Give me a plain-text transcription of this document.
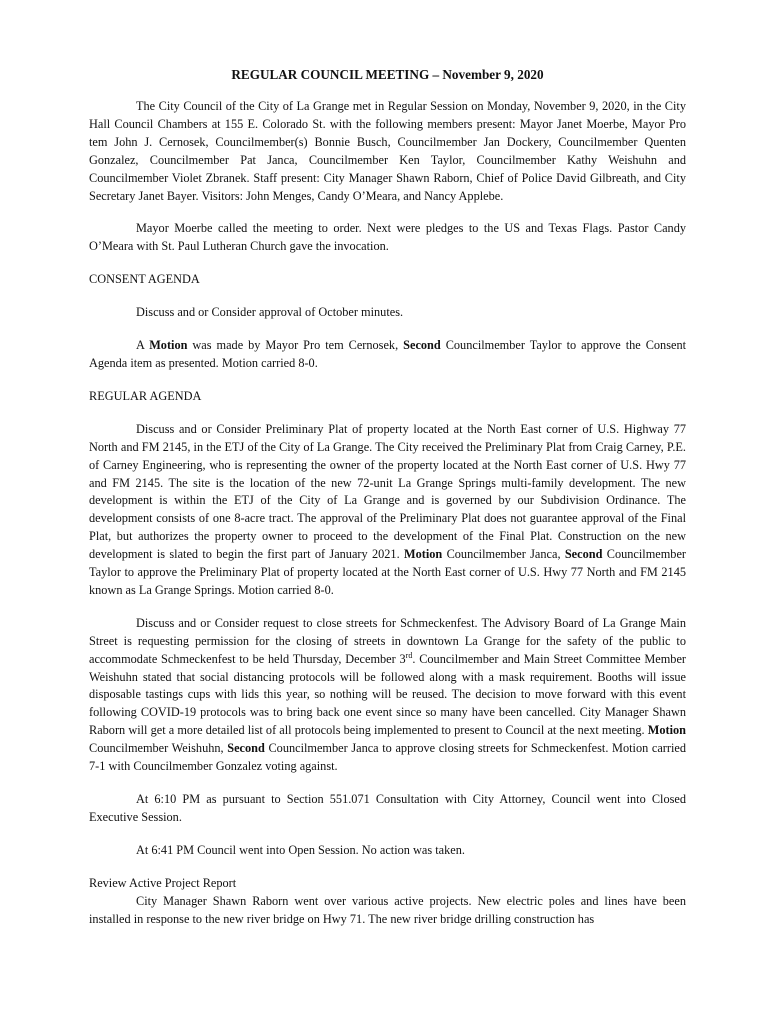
REGULAR COUNCIL MEETING – November 9, 2020

The City Council of the City of La Grange met in Regular Session on Monday, November 9, 2020, in the City Hall Council Chambers at 155 E. Colorado St. with the following members present: Mayor Janet Moerbe, Mayor Pro tem John J. Cernosek, Councilmember(s) Bonnie Busch, Councilmember Jan Dockery, Councilmember Quenten Gonzalez, Councilmember Pat Janca, Councilmember Ken Taylor, Councilmember Kathy Weishuhn and Councilmember Violet Zbranek. Staff present: City Manager Shawn Raborn, Chief of Police David Gilbreath, and City Secretary Janet Bayer. Visitors: John Menges, Candy O’Meara, and Nancy Applebe.

Mayor Moerbe called the meeting to order. Next were pledges to the US and Texas Flags. Pastor Candy O’Meara with St. Paul Lutheran Church gave the invocation.

CONSENT AGENDA

Discuss and or Consider approval of October minutes.

A Motion was made by Mayor Pro tem Cernosek, Second Councilmember Taylor to approve the Consent Agenda item as presented. Motion carried 8-0.

REGULAR AGENDA

Discuss and or Consider Preliminary Plat of property located at the North East corner of U.S. Highway 77 North and FM 2145, in the ETJ of the City of La Grange. The City received the Preliminary Plat from Craig Carney, P.E. of Carney Engineering, who is representing the owner of the property located at the North East corner of U.S. Hwy 77 and FM 2145. The site is the location of the new 72-unit La Grange Springs multi-family development. The new development is within the ETJ of the City of La Grange and is governed by our Subdivision Ordinance. The development consists of one 8-acre tract. The approval of the Preliminary Plat does not guarantee approval of the Final Plat, but authorizes the property owner to proceed to the development of the Final Plat. Construction on the new development is slated to begin the first part of January 2021. Motion Councilmember Janca, Second Councilmember Taylor to approve the Preliminary Plat of property located at the North East corner of U.S. Hwy 77 North and FM 2145 known as La Grange Springs. Motion carried 8-0.

Discuss and or Consider request to close streets for Schmeckenfest. The Advisory Board of La Grange Main Street is requesting permission for the closing of streets in downtown La Grange for the safety of the public to accommodate Schmeckenfest to be held Thursday, December 3rd. Councilmember and Main Street Committee Member Weishuhn stated that social distancing protocols will be followed along with a mask requirement. Booths will issue disposable tastings cups with lids this year, so nothing will be reused. The decision to move forward with this event following COVID-19 protocols was to bring back one event since so many have been cancelled. City Manager Shawn Raborn will get a more detailed list of all protocols being implemented to present to Council at the next meeting. Motion Councilmember Weishuhn, Second Councilmember Janca to approve closing streets for Schmeckenfest. Motion carried 7-1 with Councilmember Gonzalez voting against.

At 6:10 PM as pursuant to Section 551.071 Consultation with City Attorney, Council went into Closed Executive Session.

At 6:41 PM Council went into Open Session. No action was taken.

Review Active Project Report

City Manager Shawn Raborn went over various active projects. New electric poles and lines have been installed in response to the new river bridge on Hwy 71. The new river bridge drilling construction has
